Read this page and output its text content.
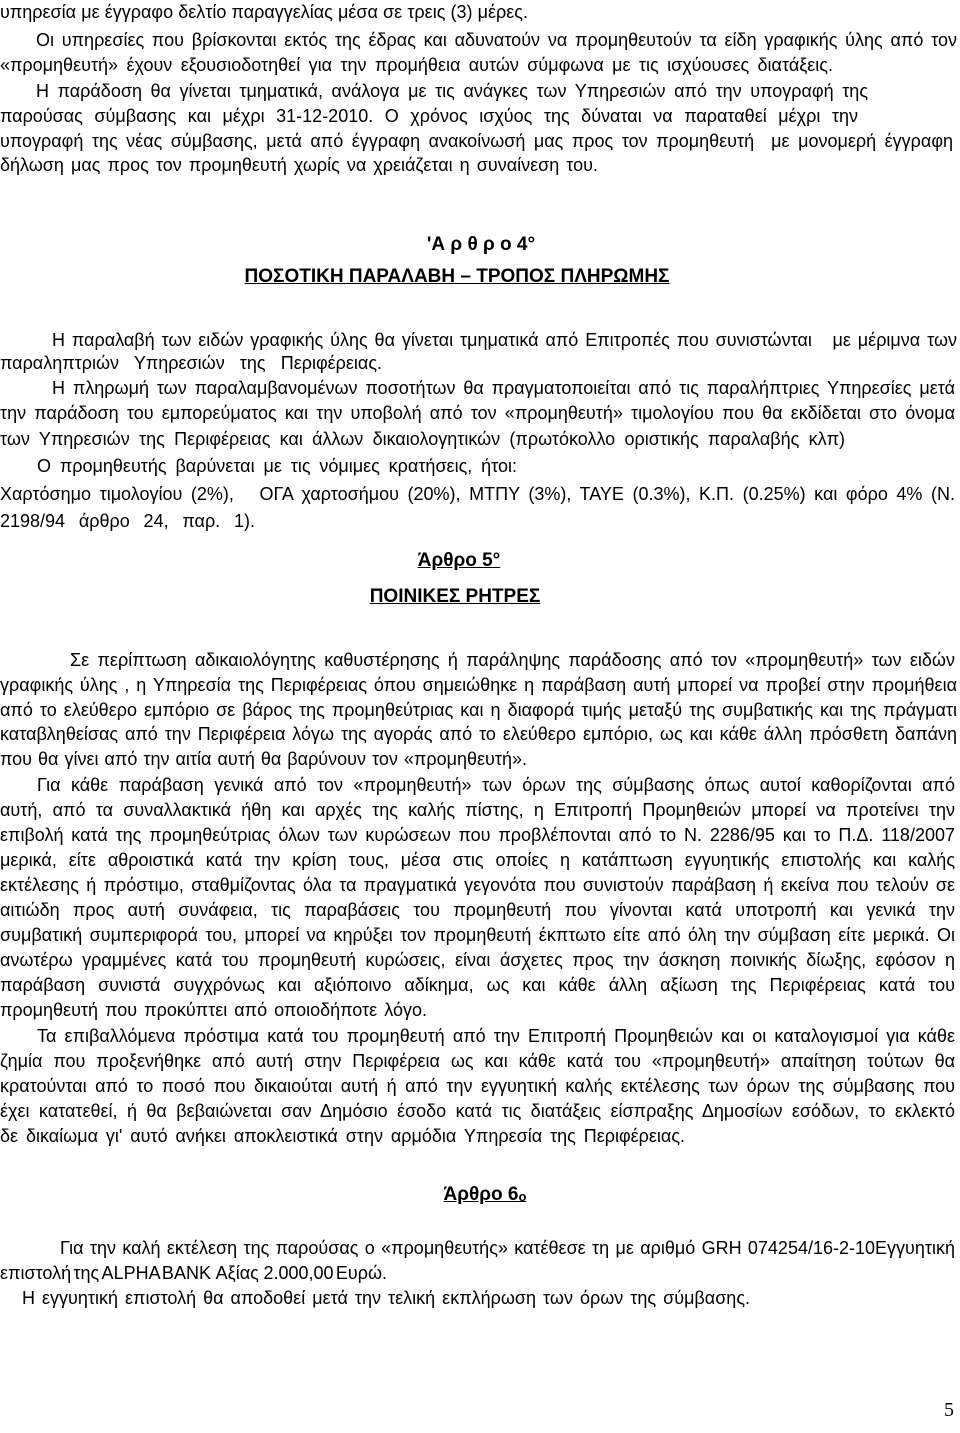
υπηρεσία με έγγραφο δελτίο παραγγελίας μέσα σε τρεις (3) μέρες.
Οι υπηρεσίες που βρίσκονται εκτός της έδρας και αδυνατούν να προμηθευτούν τα είδη γραφικής ύλης από τον
«προμηθευτή» έχουν εξουσιοδοτηθεί για την προμήθεια αυτών σύμφωνα με τις ισχύουσες διατάξεις.
Η παράδοση θα γίνεται τμηματικά, ανάλογα με τις ανάγκες των Υπηρεσιών από την υπογραφή της
παρούσας σύμβασης και μέχρι 31-12-2010. Ο χρόνος ισχύος της δύναται να παραταθεί μέχρι την
υπογραφή της νέας σύμβασης, μετά από έγγραφη ανακοίνωσή μας προς τον προμηθευτή  με μονομερή έγγραφη
δήλωση μας προς τον προμηθευτή χωρίς να χρειάζεται η συναίνεση του.
'Α ρ θ ρ ο 4°
ΠΟΣΟΤΙΚΗ ΠΑΡΑΛΑΒΗ – ΤΡΟΠΟΣ ΠΛΗΡΩΜΗΣ
Η παραλαβή των ειδών γραφικής ύλης θα γίνεται τμηματικά από Επιτροπές που συνιστώνται   με μέριμνα των
παραληπτριών Υπηρεσιών της Περιφέρειας.
Η πληρωμή των παραλαμβανομένων ποσοτήτων θα πραγματοποιείται από τις παραλήπτριες Υπηρεσίες μετά
την παράδοση του εμπορεύματος και την υποβολή από τον «προμηθευτή» τιμολογίου που θα εκδίδεται στο όνομα
των Υπηρεσιών της Περιφέρειας και άλλων δικαιολογητικών (πρωτόκολλο οριστικής παραλαβής κλπ)
Ο προμηθευτής βαρύνεται με τις νόμιμες κρατήσεις, ήτοι:
Χαρτόσημο τιμολογίου (2%),   ΟΓΑ χαρτοσήμου (20%), ΜΤΠΥ (3%), ΤΑΥΕ (0.3%), Κ.Π. (0.25%) και φόρο 4% (Ν.
2198/94 άρθρο 24, παρ. 1).
Άρθρο 5°
ΠΟΙΝΙΚΕΣ ΡΗΤΡΕΣ
Σε περίπτωση αδικαιολόγητης καθυστέρησης ή παράληψης παράδοσης από τον «προμηθευτή» των ειδών
γραφικής ύλης , η Υπηρεσία της Περιφέρειας όπου σημειώθηκε η παράβαση αυτή μπορεί να προβεί στην προμήθεια
από το ελεύθερο εμπόριο σε βάρος της προμηθεύτριας και η διαφορά τιμής μεταξύ της συμβατικής και της πράγματι
καταβληθείσας από την Περιφέρεια λόγω της αγοράς από το ελεύθερο εμπόριο, ως και κάθε άλλη πρόσθετη δαπάνη
που θα γίνει από την αιτία αυτή θα βαρύνουν τον «προμηθευτή».
Για κάθε παράβαση γενικά από τον «προμηθευτή» των όρων της σύμβασης όπως αυτοί καθορίζονται από
αυτή, από τα συναλλακτικά ήθη και αρχές της καλής πίστης, η Επιτροπή Προμηθειών μπορεί να προτείνει την
επιβολή κατά της προμηθεύτριας όλων των κυρώσεων που προβλέπονται από το Ν. 2286/95 και το Π.Δ. 118/2007
μερικά, είτε αθροιστικά κατά την κρίση τους, μέσα στις οποίες η κατάπτωση εγγυητικής επιστολής και καλής
εκτέλεσης ή πρόστιμο, σταθμίζοντας όλα τα πραγματικά γεγονότα που συνιστούν παράβαση ή εκείνα που τελούν σε
αιτιώδη προς αυτή συνάφεια, τις παραβάσεις του προμηθευτή που γίνονται κατά υποτροπή και γενικά την
συμβατική συμπεριφορά του, μπορεί να κηρύξει τον προμηθευτή έκπτωτο είτε από όλη την σύμβαση είτε μερικά. Οι
ανωτέρω γραμμένες κατά του προμηθευτή κυρώσεις, είναι άσχετες προς την άσκηση ποινικής δίωξης, εφόσον η
παράβαση συνιστά συγχρόνως και αξιόποινο αδίκημα, ως και κάθε άλλη αξίωση της Περιφέρειας κατά του
προμηθευτή που προκύπτει από οποιοδήποτε λόγο.
Τα επιβαλλόμενα πρόστιμα κατά του προμηθευτή από την Επιτροπή Προμηθειών και οι καταλογισμοί για κάθε
ζημία που προξενήθηκε από αυτή στην Περιφέρεια ως και κάθε κατά του «προμηθευτή» απαίτηση τούτων θα
κρατούνται από το ποσό που δικαιούται αυτή ή από την εγγυητική καλής εκτέλεσης των όρων της σύμβασης που
έχει κατατεθεί, ή θα βεβαιώνεται σαν Δημόσιο έσοδο κατά τις διατάξεις είσπραξης Δημοσίων εσόδων, το εκλεκτό
δε δικαίωμα γι' αυτό ανήκει αποκλειστικά στην αρμόδια Υπηρεσία της Περιφέρειας.
Άρθρο 6ο
Για την καλή εκτέλεση της παρούσας ο «προμηθευτής» κατέθεσε τη με αριθμό GRH 074254/16-2-10Εγγυητική
επιστολή της ALPHA BANK  Αξίας  2.000,00 Ευρώ.
Η εγγυητική επιστολή θα αποδοθεί μετά την τελική εκπλήρωση των όρων της σύμβασης.
5
